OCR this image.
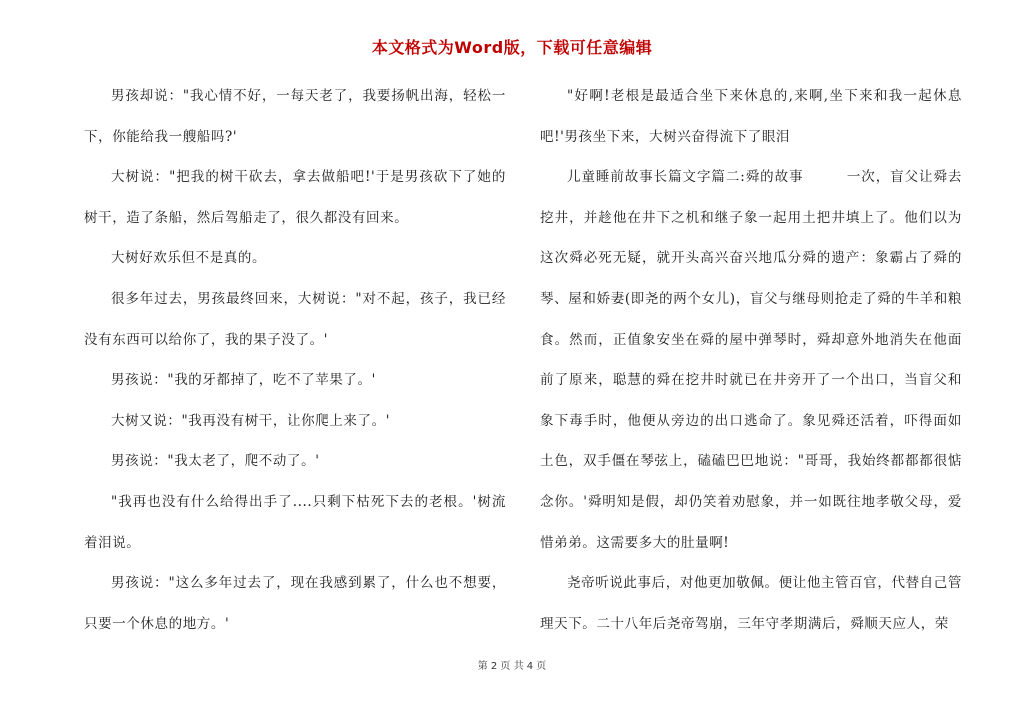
本文格式为Word版，下载可任意编辑

男孩却说："我心情不好，一每天老了，我要扬帆出海，轻松一下，你能给我一艘船吗?'

大树说："把我的树干砍去，拿去做船吧!'于是男孩砍下了她的树干，造了条船，然后驾船走了，很久都没有回来。

大树好欢乐但不是真的。

很多年过去，男孩最终回来，大树说："对不起，孩子，我已经没有东西可以给你了，我的果子没了。'

男孩说："我的牙都掉了，吃不了苹果了。'

大树又说："我再没有树干，让你爬上来了。'

男孩说："我太老了，爬不动了。'

"我再也没有什么给得出手了....只剩下枯死下去的老根。'树流着泪说。

男孩说："这么多年过去了，现在我感到累了，什么也不想要，只要一个休息的地方。'

"好啊!老根是最适合坐下来休息的,来啊,坐下来和我一起休息吧!'男孩坐下来，大树兴奋得流下了眼泪

儿童睡前故事长篇文字篇二:舜的故事　　　一次，盲父让舜去挖井，并趁他在井下之机和继子象一起用土把井填上了。他们以为这次舜必死无疑，就开头高兴奋兴地瓜分舜的遗产：象霸占了舜的琴、屋和娇妻(即尧的两个女儿)，盲父与继母则抢走了舜的牛羊和粮食。然而，正值象安坐在舜的屋中弹琴时，舜却意外地消失在他面前了原来，聪慧的舜在挖井时就已在井旁开了一个出口，当盲父和象下毒手时，他便从旁边的出口逃命了。象见舜还活着，吓得面如土色，双手僵在琴弦上，磕磕巴巴地说："哥哥，我始终都都都很惦念你。'舜明知是假，却仍笑着劝慰象，并一如既往地孝敬父母，爱惜弟弟。这需要多大的肚量啊!

尧帝听说此事后，对他更加敬佩。便让他主管百官，代替自己管理天下。二十八年后尧帝驾崩，三年守孝期满后，舜顺天应人，荣

第 2 页 共 4 页
